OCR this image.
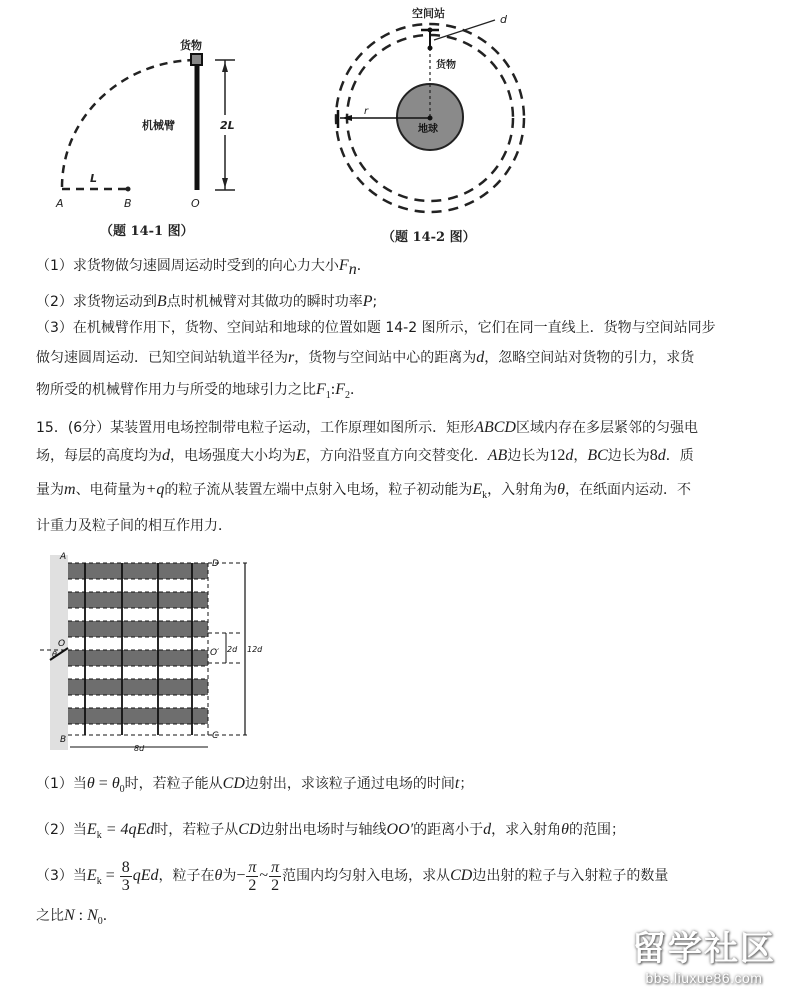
货物
机械臂	2L
L
A	B	O
（题 14-1 图）
空间站	d
货物
r
地球
（题 14-2 图）
（1）求货物做匀速圆周运动时受到的向心力大小$F_n$．
（2）求货物运动到B点时机械臂对其做功的瞬时功率P;
（3）在机械臂作用下，货物、空间站和地球的位置如题 14-2 图所示，它们在同一直线上．货物与空间站同步
做匀速圆周运动．已知空间站轨道半径为r，货物与空间站中心的距离为d，忽略空间站对货物的引力，求货
物所受的机械臂作用力与所受的地球引力之比$F_1:F_2$．
15．(6分）某装置用电场控制带电粒子运动，工作原理如图所示．矩形ABCD区域内存在多层紧邻的匀强电
场，每层的高度均为d，电场强度大小均为E，方向沿竖直方向交替变化．AB边长为12d，BC边长为8d．质
量为m、电荷量为+q的粒子流从装置左端中点射入电场，粒子初动能为$E_k$，入射角为θ，在纸面内运动．不
计重力及粒子间的相互作用力．
A
D
B	C
O
O′
θ
2d 12d
8d
（1）当$\theta = \theta_0$时，若粒子能从CD边射出，求该粒子通过电场的时间t；
（2）当$E_k = 4qEd$时，若粒子从CD边射出电场时与轴线OO′的距离小于d，求入射角θ的范围；
（3）当$E_k = \frac{8}{3}$ qEd，粒子在θ为− $\frac{\pi}{2}$ ~ $\frac{\pi}{2}$ 范围内均匀射入电场，求从CD边出射的粒子与入射粒子的数量
之比N : $N_0$．
留学社区
bbs.liuxue86.com
